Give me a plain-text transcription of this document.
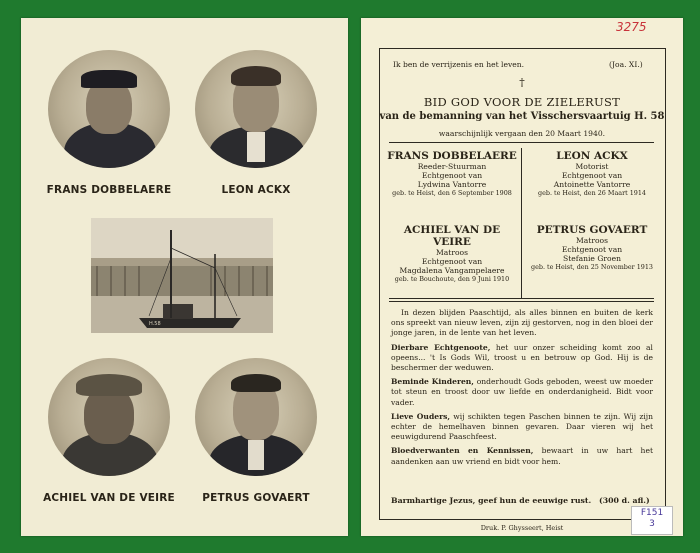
FRANS DOBBELAERE	LEON ACKX
H.58
ACHIEL VAN DE VEIRE	PETRUS GOVAERT
3275
Ik ben de verrijzenis en het leven.	(Joa. XI.)
†
BID GOD VOOR DE ZIELERUST
van de bemanning van het Visschersvaartuig H. 58
waarschijnlijk vergaan den 20 Maart 1940.
FRANS DOBBELAERE
Reeder-Stuurman
Echtgenoot van
Lydwina Vantorre
geb. te Heist, den 6 September 1908
LEON ACKX
Motorist
Echtgenoot van
Antoinette Vantorre
geb. te Heist, den 26 Maart 1914
ACHIEL VAN DE VEIRE
Matroos
Echtgenoot van
Magdalena Vangampelaere
geb. te Bouchoute, den 9 Juni 1910
PETRUS GOVAERT
Matroos
Echtgenoot van
Stefanie Groen
geb. te Heist, den 25 November 1913

In dezen blijden Paaschtijd, als alles binnen en buiten de kerk ons spreekt van nieuw leven, zijn zij gestorven, nog in den bloei der jonge jaren, in de lente van het leven.

Dierbare Echtgenoote, het uur onzer scheiding komt zoo al opeens... 't Is Gods Wil, troost u en betrouw op God. Hij is de beschermer der weduwen.

Beminde Kinderen, onderhoudt Gods geboden, weest uw moeder tot steun en troost door uw liefde en onderdanigheid. Bidt voor vader.

Lieve Ouders, wij schikten tegen Paschen binnen te zijn. Wij zijn echter de hemelhaven binnen gevaren. Daar vieren wij het eeuwigdurend Paaschfeest.

Bloedverwanten en Kennissen, bewaart in uw hart het aandenken aan uw vriend en bidt voor hem.

Barmhartige Jezus, geef hun de eeuwige rust. (300 d. afl.)
Druk. P. Ghysseert, Heist
F151
3
